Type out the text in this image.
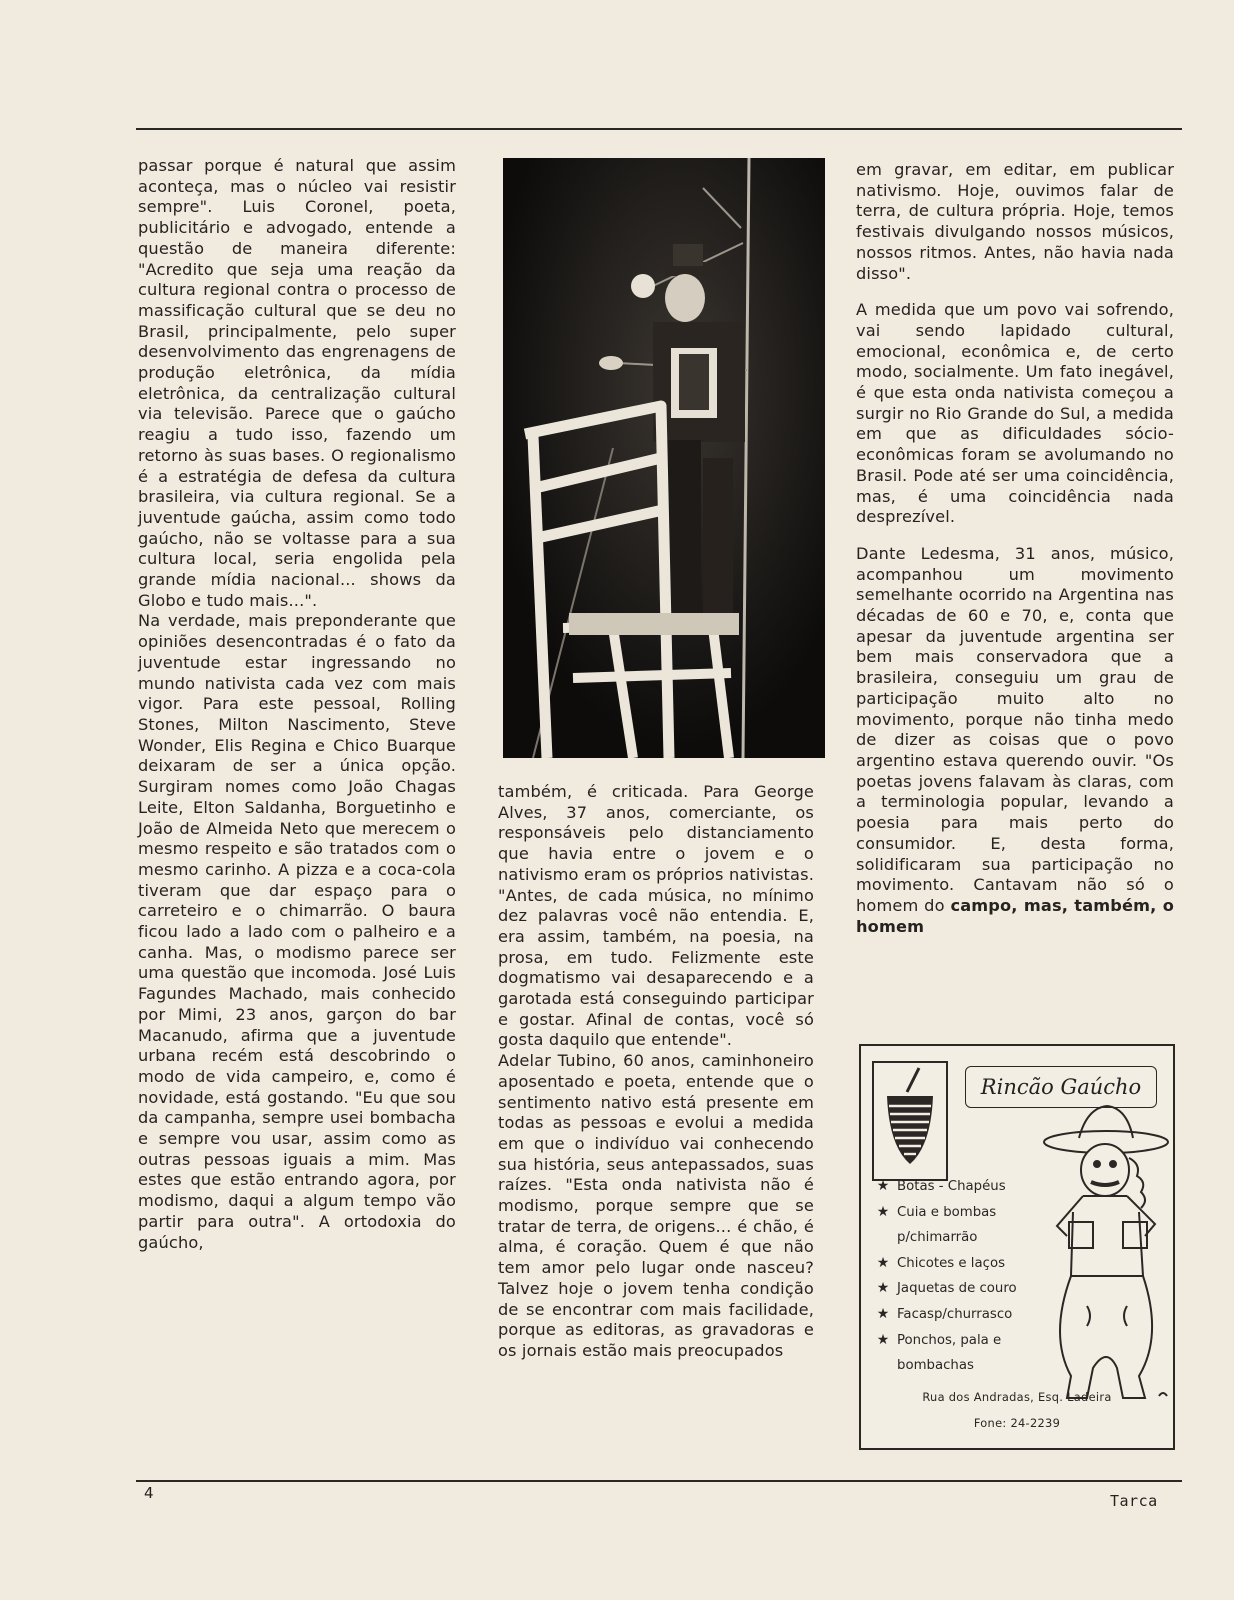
passar porque é natural que assim aconteça, mas o núcleo vai resistir sempre". Luis Coronel, poeta, publicitário e advogado, entende a questão de maneira diferente: "Acredito que seja uma reação da cultura regional contra o processo de massificação cultural que se deu no Brasil, principalmente, pelo super desenvolvimento das engrenagens de produção eletrônica, da mídia eletrônica, da centralização cultural via televisão. Parece que o gaúcho reagiu a tudo isso, fazendo um retorno às suas bases. O regionalismo é a estratégia de defesa da cultura brasileira, via cultura regional. Se a juventude gaúcha, assim como todo gaúcho, não se voltasse para a sua cultura local, seria engolida pela grande mídia nacional... shows da Globo e tudo mais...".

Na verdade, mais preponderante que opiniões desencontradas é o fato da juventude estar ingressando no mundo nativista cada vez com mais vigor. Para este pessoal, Rolling Stones, Milton Nascimento, Steve Wonder, Elis Regina e Chico Buarque deixaram de ser a única opção. Surgiram nomes como João Chagas Leite, Elton Saldanha, Borguetinho e João de Almeida Neto que merecem o mesmo respeito e são tratados com o mesmo carinho. A pizza e a coca-cola tiveram que dar espaço para o carreteiro e o chimarrão. O baura ficou lado a lado com o palheiro e a canha. Mas, o modismo parece ser uma questão que incomoda. José Luis Fagundes Machado, mais conhecido por Mimi, 23 anos, garçon do bar Macanudo, afirma que a juventude urbana recém está descobrindo o modo de vida campeiro, e, como é novidade, está gostando. "Eu que sou da campanha, sempre usei bombacha e sempre vou usar, assim como as outras pessoas iguais a mim. Mas estes que estão entrando agora, por modismo, daqui a algum tempo vão partir para outra". A ortodoxia do gaúcho,

também, é criticada. Para George Alves, 37 anos, comerciante, os responsáveis pelo distanciamento que havia entre o jovem e o nativismo eram os próprios nativistas. "Antes, de cada música, no mínimo dez palavras você não entendia. E, era assim, também, na poesia, na prosa, em tudo. Felizmente este dogmatismo vai desaparecendo e a garotada está conseguindo participar e gostar. Afinal de contas, você só gosta daquilo que entende".

Adelar Tubino, 60 anos, caminhoneiro aposentado e poeta, entende que o sentimento nativo está presente em todas as pessoas e evolui a medida em que o indivíduo vai conhecendo sua história, seus antepassados, suas raízes. "Esta onda nativista não é modismo, porque sempre que se tratar de terra, de origens... é chão, é alma, é coração. Quem é que não tem amor pelo lugar onde nasceu? Talvez hoje o jovem tenha condição de se encontrar com mais facilidade, porque as editoras, as gravadoras e os jornais estão mais preocupados

em gravar, em editar, em publicar nativismo. Hoje, ouvimos falar de terra, de cultura própria. Hoje, temos festivais divulgando nossos músicos, nossos ritmos. Antes, não havia nada disso".

A medida que um povo vai sofrendo, vai sendo lapidado cultural, emocional, econômica e, de certo modo, socialmente. Um fato inegável, é que esta onda nativista começou a surgir no Rio Grande do Sul, a medida em que as dificuldades sócio-econômicas foram se avolumando no Brasil. Pode até ser uma coincidência, mas, é uma coincidência nada desprezível.

Dante Ledesma, 31 anos, músico, acompanhou um movimento semelhante ocorrido na Argentina nas décadas de 60 e 70, e, conta que apesar da juventude argentina ser bem mais conservadora que a brasileira, conseguiu um grau de participação muito alto no movimento, porque não tinha medo de dizer as coisas que o povo argentino estava querendo ouvir. "Os poetas jovens falavam às claras, com a terminologia popular, levando a poesia para mais perto do consumidor. E, desta forma, solidificaram sua participação no movimento. Cantavam não só o homem do campo, mas, também, o homem

Rincão Gaúcho
★ Botas - Chapéus
★ Cuia e bombas
p/chimarrão
★ Chicotes e laços
★ Jaquetas de couro
★ Facasp/churrasco
★ Ponchos, pala e
bombachas
Rua dos Andradas, Esq. Ladeira
Fone: 24-2239
4	Tarca
